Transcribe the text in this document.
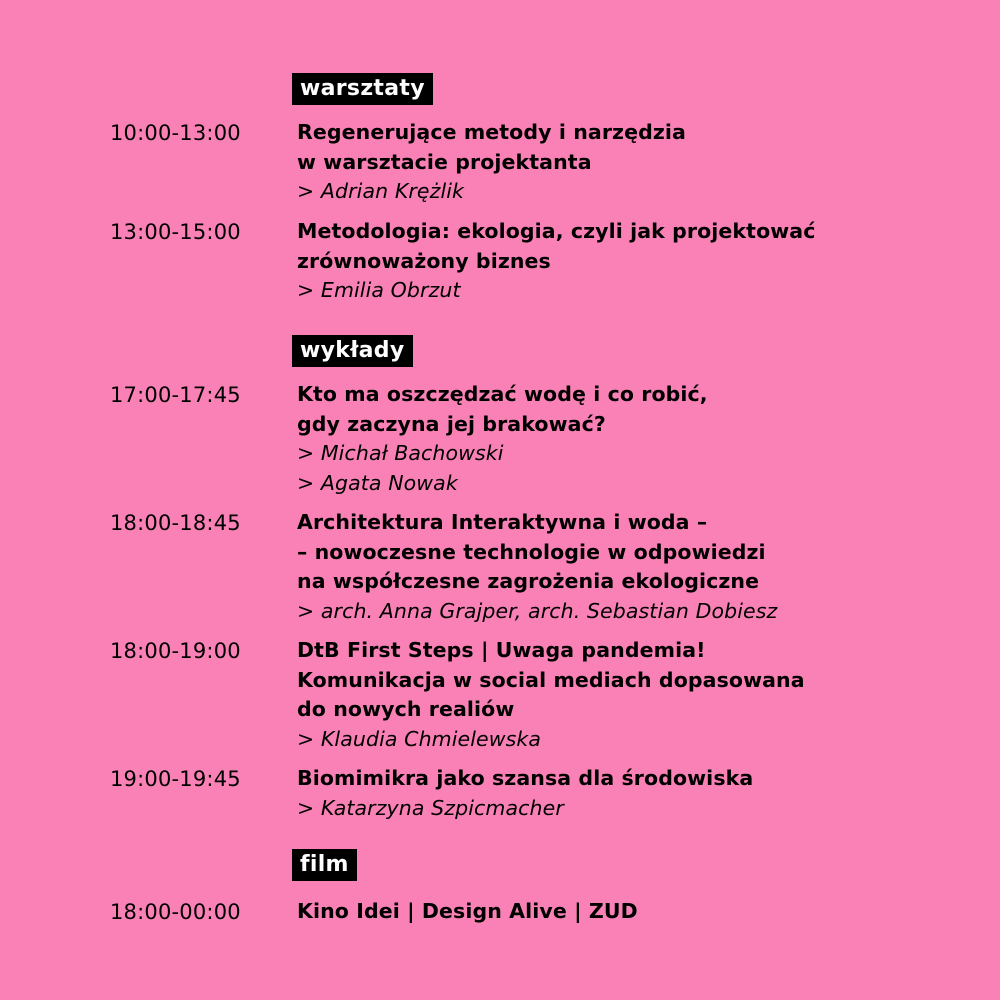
warsztaty
wykłady
film
10:00-13:00	Regenerujące metody i narzędzia
w warsztacie projektanta
> Adrian Krężlik
13:00-15:00	Metodologia: ekologia, czyli jak projektować
zrównoważony biznes
> Emilia Obrzut
17:00-17:45	Kto ma oszczędzać wodę i co robić,
gdy zaczyna jej brakować?
> Michał Bachowski
> Agata Nowak
18:00-18:45	Architektura Interaktywna i woda –
– nowoczesne technologie w odpowiedzi
na współczesne zagrożenia ekologiczne
> arch. Anna Grajper, arch. Sebastian Dobiesz
18:00-19:00	DtB First Steps | Uwaga pandemia!
Komunikacja w social mediach dopasowana
do nowych realiów
> Klaudia Chmielewska
19:00-19:45	Biomimikra jako szansa dla środowiska
> Katarzyna Szpicmacher
18:00-00:00	Kino Idei | Design Alive | ZUD
